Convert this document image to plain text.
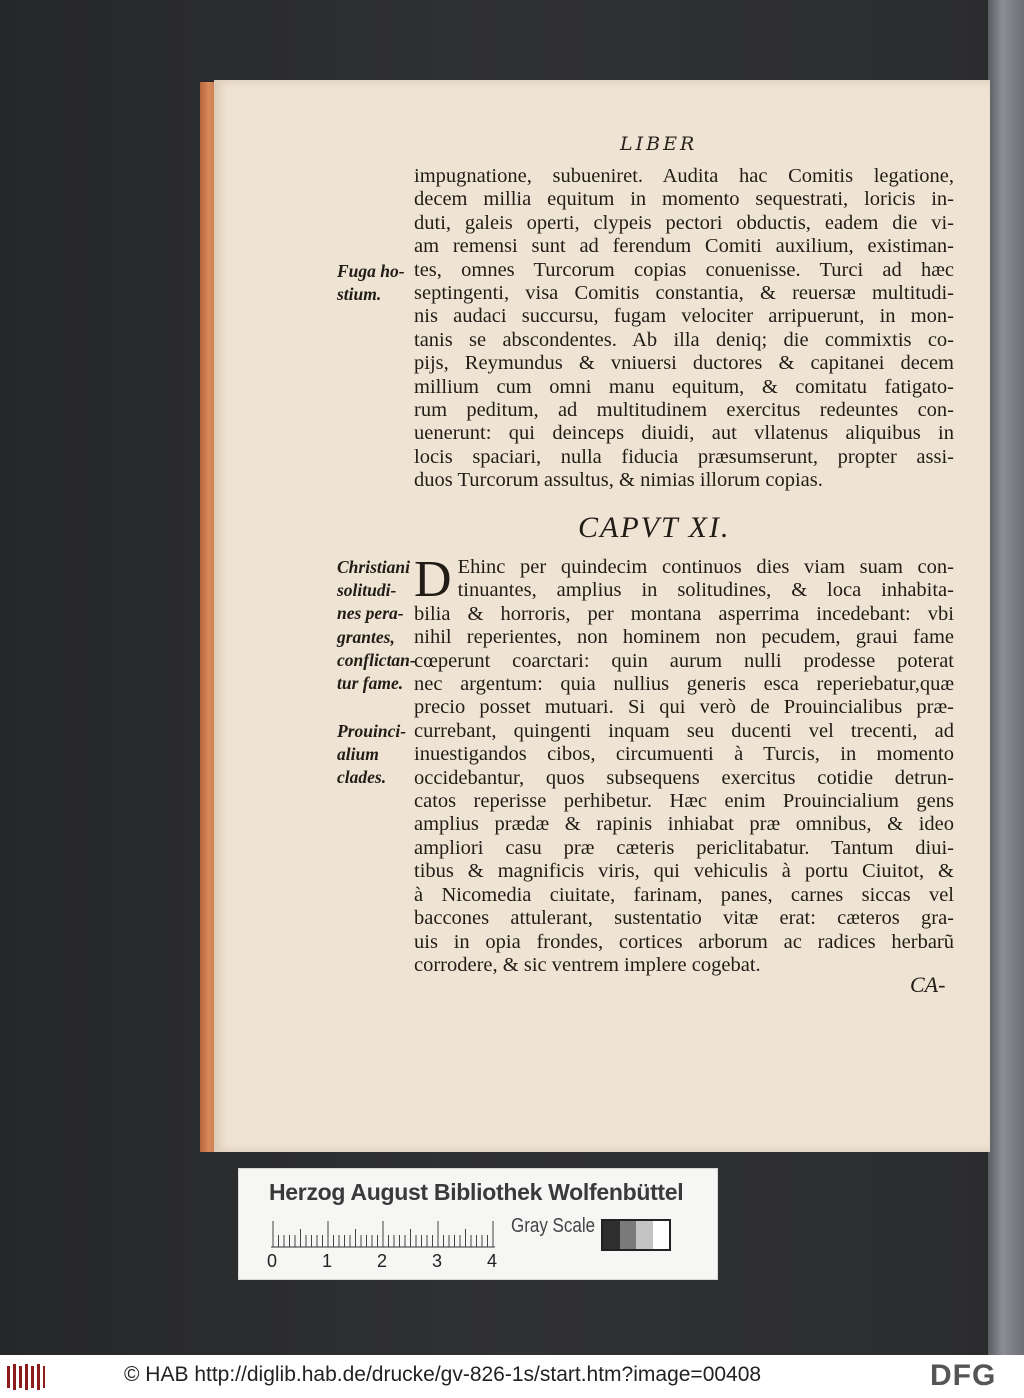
LIBER
impugnatione, subueniret. Audita hac Comitis legatione,
decem millia equitum in momento sequestrati, loricis in-
duti, galeis operti, clypeis pectori obductis, eadem die vi-
am remensi sunt ad ferendum Comiti auxilium, existiman-
tes, omnes Turcorum copias conuenisse. Turci ad hæc
septingenti, visa Comitis constantia, & reuersæ multitudi-
nis audaci succursu, fugam velociter arripuerunt, in mon-
tanis se abscondentes. Ab illa deniq; die commixtis co-
pijs, Reymundus & vniuersi ductores & capitanei decem
millium cum omni manu equitum, & comitatu fatigato-
rum peditum, ad multitudinem exercitus redeuntes con-
uenerunt: qui deinceps diuidi, aut vllatenus aliquibus in
locis spaciari, nulla fiducia præsumserunt, propter assi-
duos Turcorum assultus, & nimias illorum copias.
CAPVT XI.
D Ehinc per quindecim continuos dies viam suam con-
tinuantes, amplius in solitudines, & loca inhabita-
bilia & horroris, per montana asperrima incedebant: vbi
nihil reperientes, non hominem non pecudem, graui fame
cœperunt coarctari: quin aurum nulli prodesse poterat
nec argentum: quia nullius generis esca reperiebatur,quæ
precio posset mutuari. Si qui verò de Prouincialibus præ-
currebant, quingenti inquam seu ducenti vel trecenti, ad
inuestigandos cibos, circumuenti à Turcis, in momento
occidebantur, quos subsequens exercitus cotidie detrun-
catos reperisse perhibetur. Hæc enim Prouincialium gens
amplius prædæ & rapinis inhiabat præ omnibus, & ideo
ampliori casu præ cæteris periclitabatur. Tantum diui-
tibus & magnificis viris, qui vehiculis à portu Ciuitot, &
à Nicomedia ciuitate, farinam, panes, carnes siccas vel
baccones attulerant, sustentatio vitæ erat: cæteros gra-
uis in opia frondes, cortices arborum ac radices herbarũ
corrodere, & sic ventrem implere cogebat.
Fuga ho-
stium.
Christiani
solitudi-
nes pera-
grantes,
conflictan-
tur fame.
Prouinci-
alium
clades.
CA-
Herzog August Bibliothek Wolfenbüttel
0 1 2 3 4
Gray Scale
© HAB http://diglib.hab.de/drucke/gv-826-1s/start.htm?image=00408	DFG
